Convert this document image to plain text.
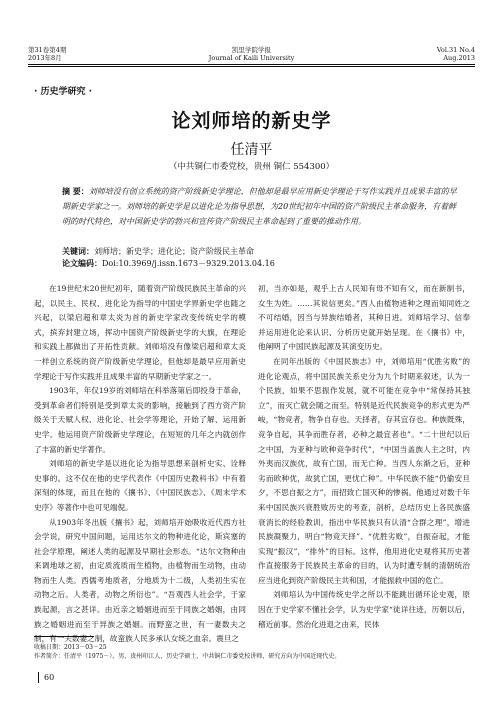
第31卷第4期
2013年8月
凯里学院学报
Journal of Kaili University
Vol.31 No.4
Aug.2013
· 历史学研究 ·
论刘师培的新史学
任清平
（中共铜仁市委党校，贵州 铜仁 554300）
摘 要：刘师培没有创立系统的资产阶级新史学理论，但他却是最早应用新史学理论于写作实践并且成果丰富的早期新史学家之一。刘师培的新史学是以进化论为指导思想，为20世纪初年中国的资产阶级民主革命服务，有着鲜明的时代特色，对中国新史学的勃兴和宣传资产阶级民主革命起到了重要的推动作用。
关键词：刘师培；新史学；进化论；资产阶级民主革命
论文编码：Doi:10.3969/j.issn.1673－9329.2013.04.16

在19世纪末20世纪初年，随着资产阶级民族民主革命的兴起，以民主、民权、进化论为指导的中国史学界新史学也随之兴起，以梁启超和章太炎为首的新史学家改变传统史学的模式，摈弃封建立场，挥动中国资产阶级新史学的大旗，在理论和实践上都做出了开拓性贡献。刘师培没有像梁启超和章太炎一样创立系统的资产阶级新史学理论，但他却是最早应用新史学理论于写作实践并且成果丰富的早期新史学家之一。

1903年，年仅19岁的刘师培在科举落第后即投身于革命，受到革命者们特别是受到章太炎的影响，接触到了西方资产阶级关于天赋人权、进化论、社会学等理论，开始了解、运用新史学。他运用资产阶级新史学理论，在短短的几年之内就创作了丰富的新史学著作。

刘师培的新史学是以进化论为指导思想来剖析史实、诠释史事的。这不仅在他的史学代表作《中国历史教科书》中有着深刻的体现，而且在他的《攘书》、《中国民族志》、《周末学术史序》等著作中也可见端倪。

从1903年冬出版《攘书》起，刘师培开始吸收近代西方社会学说，研究中国问题，运用达尔文的物种进化论，斯宾塞的社会学原理，阐述人类的起源及早期社会形态。“达尔文物种由来调地球之初，由定质流质而生植物，由植物而生动物，由动物而生人类。西儒考地质者，分地质为十二级，人类初生实在动物之后。人类者，动物之所衍也”。“吾观西人社会学，于家族起源，言之甚详。由近亲之婚姻进而至于同族之婚姻，由同族之婚姻进而至于异族之婚姻。而野蛮之世，有一妻数夫之制，有一夫数妻之制，故蛮族人民多承认女统之血亲。震旦之

初，当亦如是，观乎上古人民知有母不知有父，而在新制书，女生为姓。……其说信更矣。”西人由植物进种之理而知同姓之不可结婚，因当与异族结婚者，其种日进。刘师培学习、信奉并运用进化论来认识、分析历史就开始呈现。在《攘书》中，他阐明了中国民族起源及其演变历史。

在同年出版的《中国民族志》中，刘师培用“优胜劣败”的进化论观点，将中国民族关系史分为九个时期来叙述，认为一个民族，如果不思振作发展，就不可能在竞争中“常保持其独立”，而灭亡就会随之而至。特别是近代民族竞争的形式更为严峻，“物竞者，物争自存也。天择者，存其宜存也。种族既殊，竞争自起，其争而胜存者，必种之最宜者也”。“二十世纪以后之中国，为亚种与欧种竞争时代”，“中国当盖族人主之时，内外夷而汉族优，故有亡国，而无亡种。当西人东渐之后，亚种劣而欧种优，故犹亡国，更忧亡种”。中华民族不能“仍偷安旦夕，不思自振之方”，而招致亡国灭种的惨祸。他通过对数千年来中国民族兴衰胜败历史的考查，剖析，总结历史上各民族盛衰消长的经验教训，指出中华民族只有认清“合群之理”，增进民族凝聚力，明白“物竞天择”、“优胜劣败”，自振奋起，才能实现“振汉”，“排外”的目标。这样，他用进化史观将其历史著作直接服务于民族民主革命的目的，认为时遭专制的清朝统治应当进化到资产阶级民主共和国，才能振救中国的危亡。

刘师培认为中国传统史学之所以不能跳出循环论史观，原因在于史学家不懂社会学，认为史学家“徒详往迹，历朝以后，稽近前事。然治化进退之由来，民体

收稿日期：2013－03－25
作者简介：任清平（1975－），男，贵州印江人，历史学硕士，中共铜仁市委党校讲师，研究方向为中国近现代史。
60
